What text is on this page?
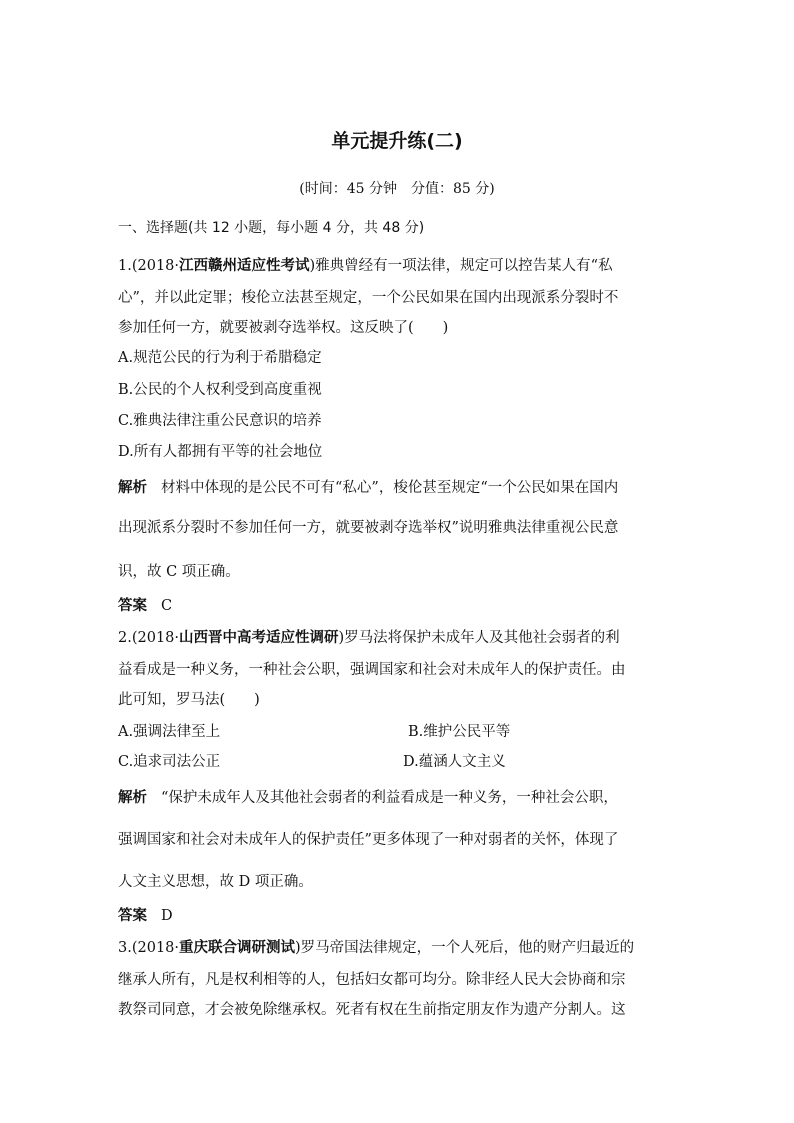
单元提升练(二)
(时间：45 分钟　分值：85 分)
一、选择题(共 12 小题，每小题 4 分，共 48 分)
1.(2018·江西赣州适应性考试)雅典曾经有一项法律，规定可以控告某人有“私
心”，并以此定罪；梭伦立法甚至规定，一个公民如果在国内出现派系分裂时不
参加任何一方，就要被剥夺选举权。这反映了(　　)
A.规范公民的行为利于希腊稳定
B.公民的个人权利受到高度重视
C.雅典法律注重公民意识的培养
D.所有人都拥有平等的社会地位
解析 材料中体现的是公民不可有“私心”，梭伦甚至规定“一个公民如果在国内
出现派系分裂时不参加任何一方，就要被剥夺选举权”说明雅典法律重视公民意
识，故 C 项正确。
答案 C
2.(2018·山西晋中高考适应性调研)罗马法将保护未成年人及其他社会弱者的利
益看成是一种义务，一种社会公职，强调国家和社会对未成年人的保护责任。由
此可知，罗马法(　　)
A.强调法律至上	B.维护公民平等
C.追求司法公正	D.蕴涵人文主义
解析 “保护未成年人及其他社会弱者的利益看成是一种义务，一种社会公职，
强调国家和社会对未成年人的保护责任”更多体现了一种对弱者的关怀，体现了
人文主义思想，故 D 项正确。
答案 D
3.(2018·重庆联合调研测试)罗马帝国法律规定，一个人死后，他的财产归最近的
继承人所有，凡是权利相等的人，包括妇女都可均分。除非经人民大会协商和宗
教祭司同意，才会被免除继承权。死者有权在生前指定朋友作为遗产分割人。这
